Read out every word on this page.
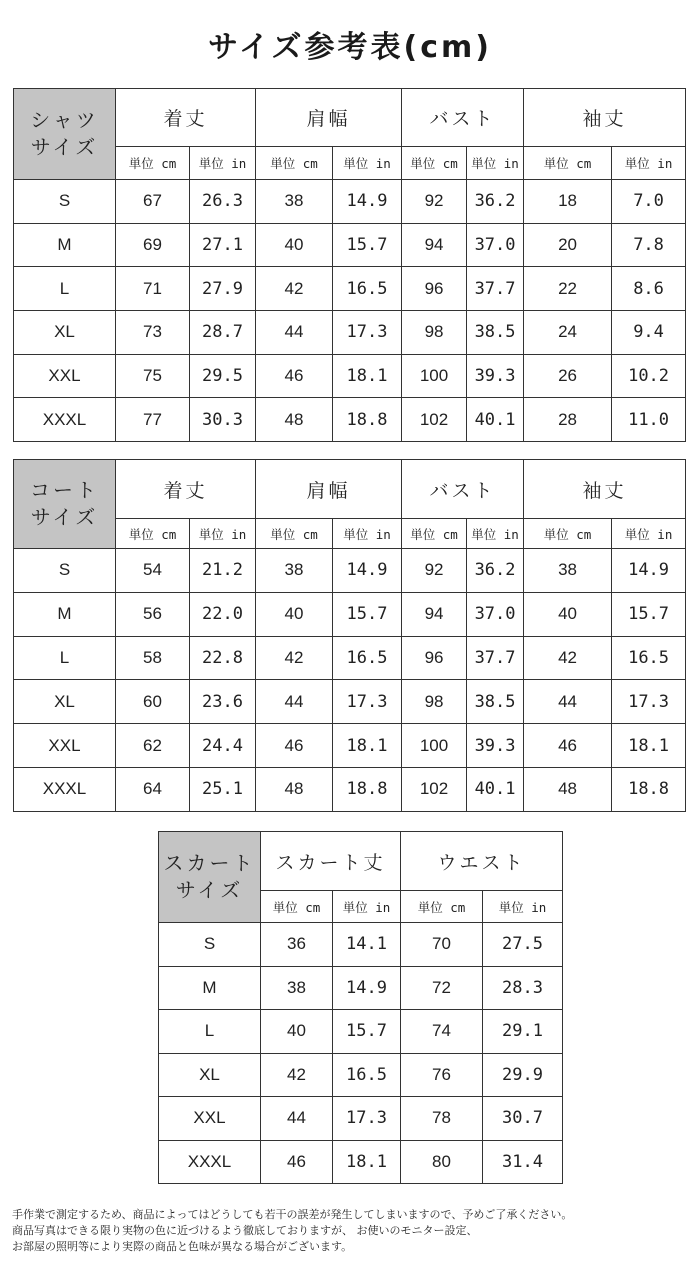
サイズ参考表(cm)
シャツ
サイズ	着丈		肩幅		バスト		袖丈	
	単位 cm	単位 in	単位 cm	単位 in	単位 cm	単位 in	単位 cm	単位 in
S	67	26.3	38	14.9	92	36.2	18	7.0
M	69	27.1	40	15.7	94	37.0	20	7.8
L	71	27.9	42	16.5	96	37.7	22	8.6
XL	73	28.7	44	17.3	98	38.5	24	9.4
XXL	75	29.5	46	18.1	100	39.3	26	10.2
XXXL	77	30.3	48	18.8	102	40.1	28	11.0
コート
サイズ	着丈		肩幅		バスト		袖丈	
	単位 cm	単位 in	単位 cm	単位 in	単位 cm	単位 in	単位 cm	単位 in
S	54	21.2	38	14.9	92	36.2	38	14.9
M	56	22.0	40	15.7	94	37.0	40	15.7
L	58	22.8	42	16.5	96	37.7	42	16.5
XL	60	23.6	44	17.3	98	38.5	44	17.3
XXL	62	24.4	46	18.1	100	39.3	46	18.1
XXXL	64	25.1	48	18.8	102	40.1	48	18.8
スカート
サイズ	スカート丈		ウエスト	
	単位 cm	単位 in	単位 cm	単位 in
S	36	14.1	70	27.5
M	38	14.9	72	28.3
L	40	15.7	74	29.1
XL	42	16.5	76	29.9
XXL	44	17.3	78	30.7
XXXL	46	18.1	80	31.4
手作業で測定するため、商品によってはどうしても若干の誤差が発生してしまいますので、予めご了承ください。
商品写真はできる限り実物の色に近づけるよう徹底しておりますが、 お使いのモニター設定、
お部屋の照明等により実際の商品と色味が異なる場合がございます。
